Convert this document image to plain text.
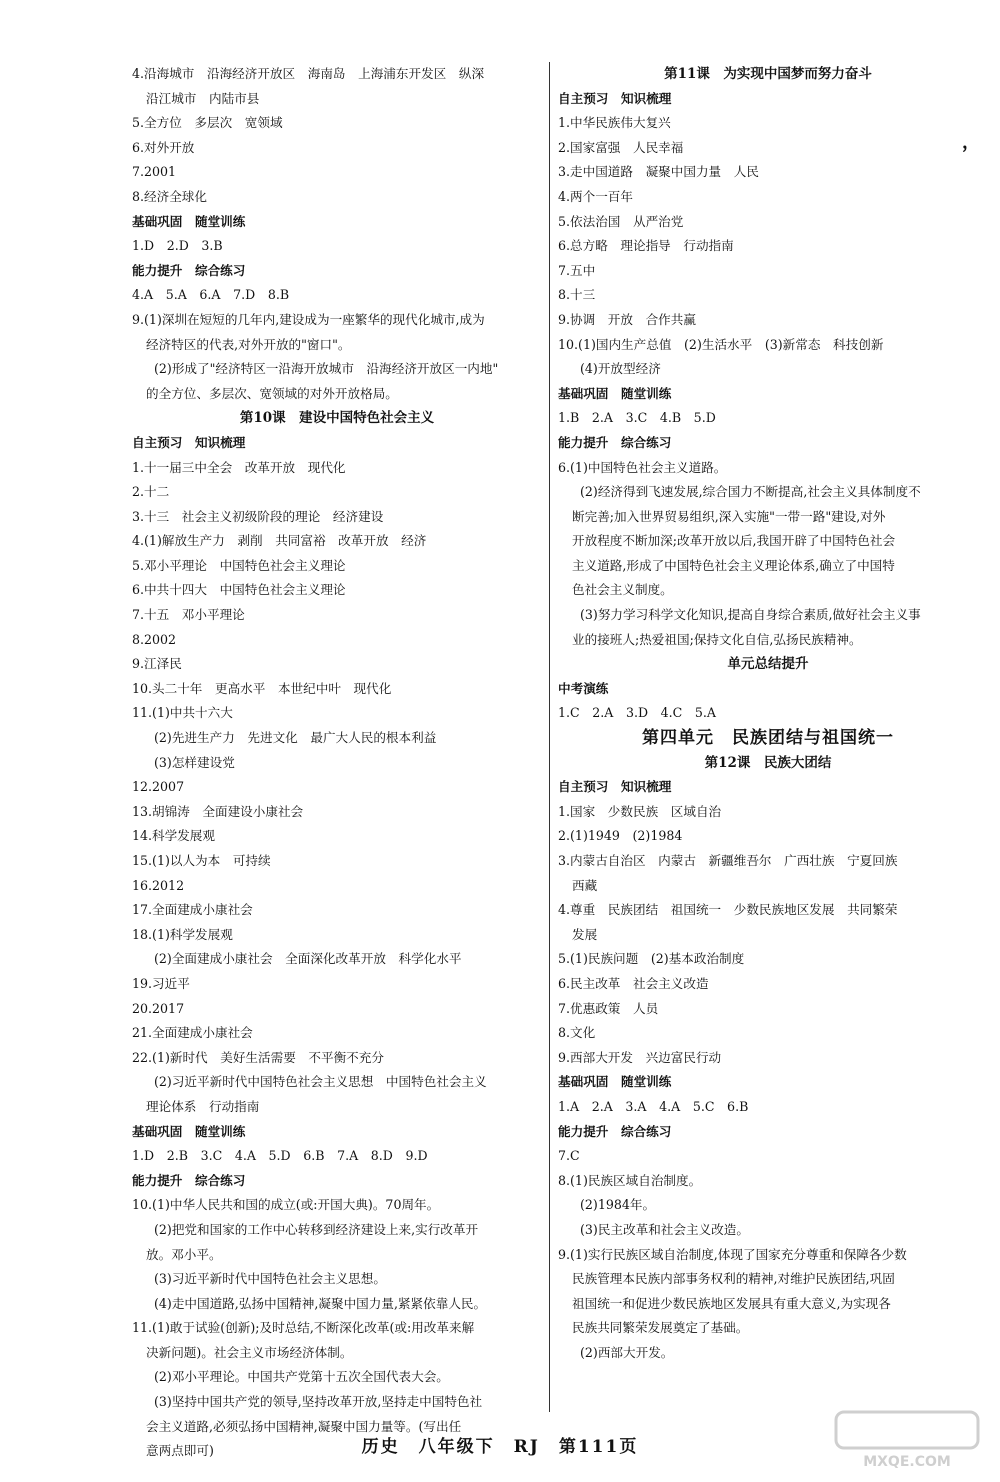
4.沿海城市　沿海经济开放区　海南岛　上海浦东开发区　纵深
沿江城市　内陆市县
5.全方位　多层次　宽领域
6.对外开放
7.2001
8.经济全球化
基础巩固　随堂训练
1.D　2.D　3.B
能力提升　综合练习
4.A　5.A　6.A　7.D　8.B
9.(1)深圳在短短的几年内,建设成为一座繁华的现代化城市,成为
经济特区的代表,对外开放的"窗口"。
(2)形成了"经济特区一沿海开放城市　沿海经济开放区一内地"
的全方位、多层次、宽领域的对外开放格局。
第10课　建设中国特色社会主义
自主预习　知识梳理
1.十一届三中全会　改革开放　现代化
2.十二
3.十三　社会主义初级阶段的理论　经济建设
4.(1)解放生产力　剥削　共同富裕　改革开放　经济
5.邓小平理论　中国特色社会主义理论
6.中共十四大　中国特色社会主义理论
7.十五　邓小平理论
8.2002
9.江泽民
10.头二十年　更高水平　本世纪中叶　现代化
11.(1)中共十六大
(2)先进生产力　先进文化　最广大人民的根本利益
(3)怎样建设党
12.2007
13.胡锦涛　全面建设小康社会
14.科学发展观
15.(1)以人为本　可持续
16.2012
17.全面建成小康社会
18.(1)科学发展观
(2)全面建成小康社会　全面深化改革开放　科学化水平
19.习近平
20.2017
21.全面建成小康社会
22.(1)新时代　美好生活需要　不平衡不充分
(2)习近平新时代中国特色社会主义思想　中国特色社会主义
理论体系　行动指南
基础巩固　随堂训练
1.D　2.B　3.C　4.A　5.D　6.B　7.A　8.D　9.D
能力提升　综合练习
10.(1)中华人民共和国的成立(或:开国大典)。70周年。
(2)把党和国家的工作中心转移到经济建设上来,实行改革开
放。邓小平。
(3)习近平新时代中国特色社会主义思想。
(4)走中国道路,弘扬中国精神,凝聚中国力量,紧紧依靠人民。
11.(1)敢于试验(创新);及时总结,不断深化改革(或:用改革来解
决新问题)。社会主义市场经济体制。
(2)邓小平理论。中国共产党第十五次全国代表大会。
(3)坚持中国共产党的领导,坚持改革开放,坚持走中国特色社
会主义道路,必须弘扬中国精神,凝聚中国力量等。(写出任
意两点即可)
第11课　为实现中国梦而努力奋斗
自主预习　知识梳理
1.中华民族伟大复兴
2.国家富强　人民幸福
3.走中国道路　凝聚中国力量　人民
4.两个一百年
5.依法治国　从严治党
6.总方略　理论指导　行动指南
7.五中
8.十三
9.协调　开放　合作共赢
10.(1)国内生产总值　(2)生活水平　(3)新常态　科技创新
(4)开放型经济
基础巩固　随堂训练
1.B　2.A　3.C　4.B　5.D
能力提升　综合练习
6.(1)中国特色社会主义道路。
(2)经济得到飞速发展,综合国力不断提高,社会主义具体制度不
断完善;加入世界贸易组织,深入实施"一带一路"建设,对外
开放程度不断加深;改革开放以后,我国开辟了中国特色社会
主义道路,形成了中国特色社会主义理论体系,确立了中国特
色社会主义制度。
(3)努力学习科学文化知识,提高自身综合素质,做好社会主义事
业的接班人;热爱祖国;保持文化自信,弘扬民族精神。
单元总结提升
中考演练
1.C　2.A　3.D　4.C　5.A
第四单元　民族团结与祖国统一
第12课　民族大团结
自主预习　知识梳理
1.国家　少数民族　区域自治
2.(1)1949　(2)1984
3.内蒙古自治区　内蒙古　新疆维吾尔　广西壮族　宁夏回族
西藏
4.尊重　民族团结　祖国统一　少数民族地区发展　共同繁荣
发展
5.(1)民族问题　(2)基本政治制度
6.民主改革　社会主义改造
7.优惠政策　人员
8.文化
9.西部大开发　兴边富民行动
基础巩固　随堂训练
1.A　2.A　3.A　4.A　5.C　6.B
能力提升　综合练习
7.C
8.(1)民族区域自治制度。
(2)1984年。
(3)民主改革和社会主义改造。
9.(1)实行民族区域自治制度,体现了国家充分尊重和保障各少数
民族管理本民族内部事务权利的精神,对维护民族团结,巩固
祖国统一和促进少数民族地区发展具有重大意义,为实现各
民族共同繁荣发展奠定了基础。
(2)西部大开发。
，
历史　八年级下　RJ　第111页
MXQE.COM
